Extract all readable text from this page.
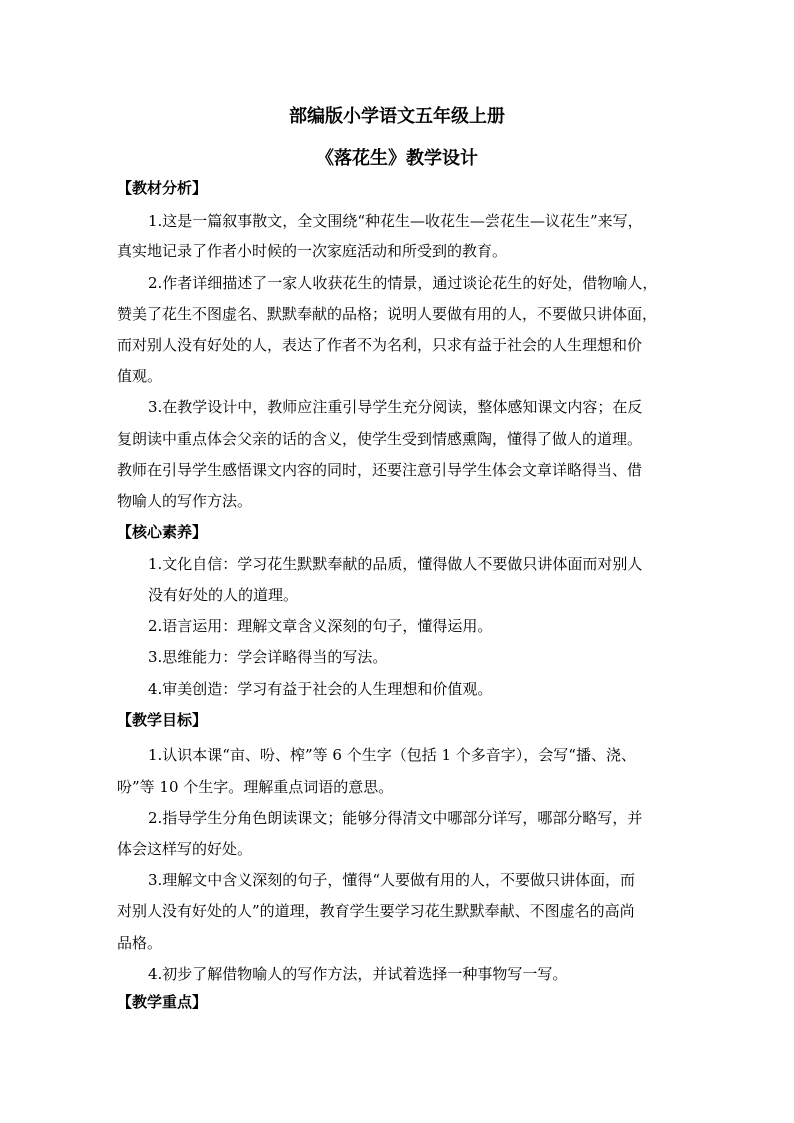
部编版小学语文五年级上册
《落花生》教学设计
【教材分析】
1.这是一篇叙事散文，全文围绕“种花生—收花生—尝花生—议花生”来写，
真实地记录了作者小时候的一次家庭活动和所受到的教育。
2.作者详细描述了一家人收获花生的情景，通过谈论花生的好处，借物喻人，
赞美了花生不图虚名、默默奉献的品格；说明人要做有用的人，不要做只讲体面，
而对别人没有好处的人，表达了作者不为名利，只求有益于社会的人生理想和价
值观。
3.在教学设计中，教师应注重引导学生充分阅读，整体感知课文内容；在反
复朗读中重点体会父亲的话的含义，使学生受到情感熏陶，懂得了做人的道理。
教师在引导学生感悟课文内容的同时，还要注意引导学生体会文章详略得当、借
物喻人的写作方法。
【核心素养】
1.文化自信：学习花生默默奉献的品质，懂得做人不要做只讲体面而对别人
没有好处的人的道理。
2.语言运用：理解文章含义深刻的句子，懂得运用。
3.思维能力：学会详略得当的写法。
4.审美创造：学习有益于社会的人生理想和价值观。
【教学目标】
1.认识本课“亩、吩、榨”等 6 个生字（包括 1 个多音字），会写“播、浇、
吩”等 10 个生字。理解重点词语的意思。
2.指导学生分角色朗读课文；能够分得清文中哪部分详写，哪部分略写，并
体会这样写的好处。
3.理解文中含义深刻的句子，懂得“人要做有用的人，不要做只讲体面，而
对别人没有好处的人”的道理，教育学生要学习花生默默奉献、不图虚名的高尚
品格。
4.初步了解借物喻人的写作方法，并试着选择一种事物写一写。
【教学重点】
